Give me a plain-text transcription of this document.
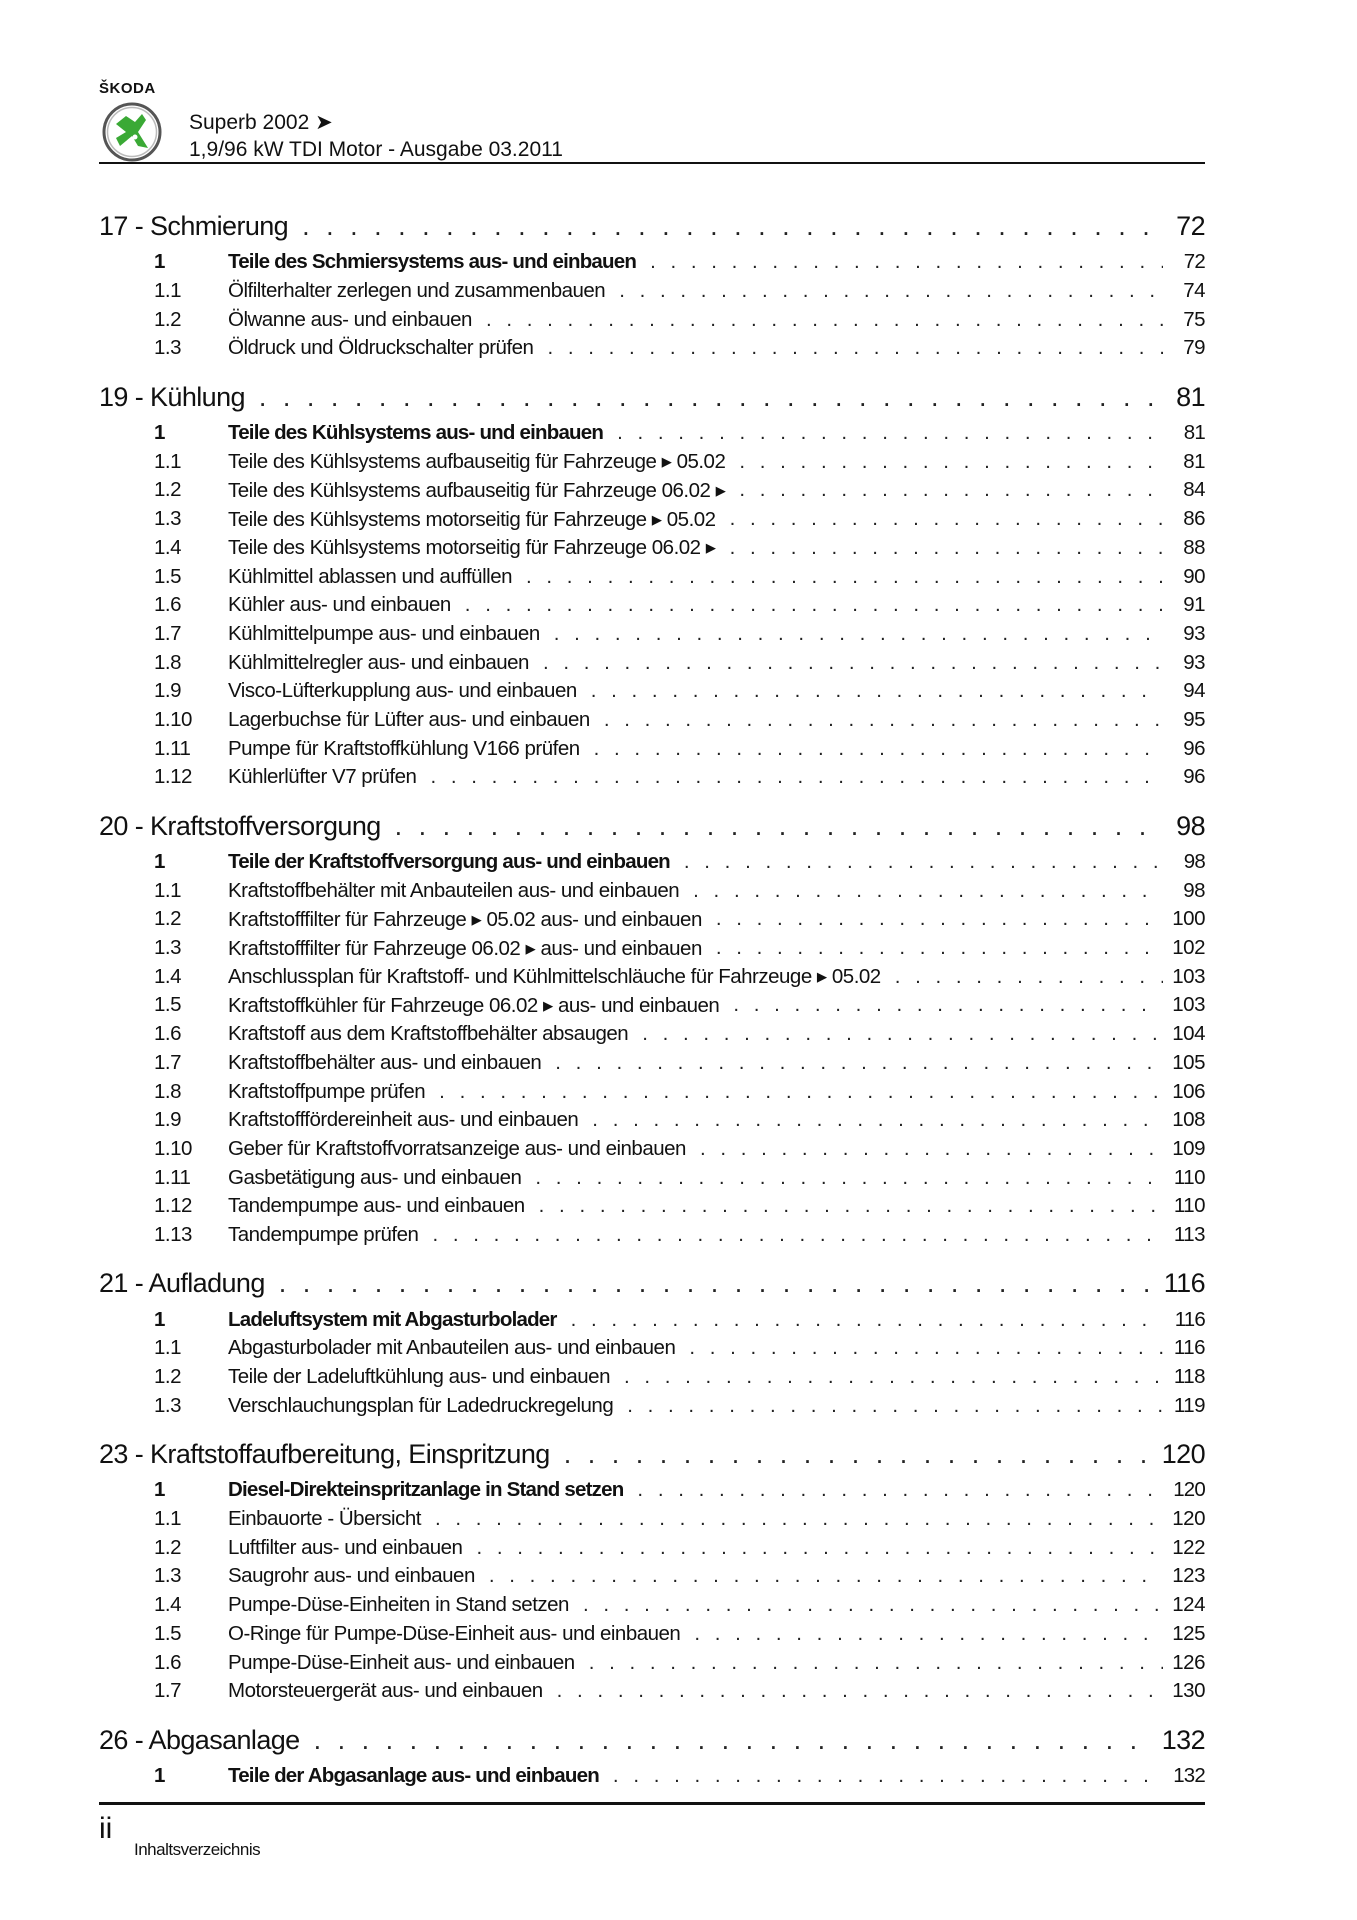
ŠKODA
Superb 2002 ➤
1,9/96 kW TDI Motor - Ausgabe 03.2011
17 - Schmierung . . .	72
1	Teile des Schmiersystems aus- und einbauen . . .	72
1.1	Ölfilterhalter zerlegen und zusammenbauen . . .	74
1.2	Ölwanne aus- und einbauen . . .	75
1.3	Öldruck und Öldruckschalter prüfen . . .	79
19 - Kühlung . . .	81
1	Teile des Kühlsystems aus- und einbauen . . .	81
1.1	Teile des Kühlsystems aufbauseitig für Fahrzeuge ▸ 05.02 . . .	81
1.2	Teile des Kühlsystems aufbauseitig für Fahrzeuge 06.02 ▸ . . .	84
1.3	Teile des Kühlsystems motorseitig für Fahrzeuge ▸ 05.02 . . .	86
1.4	Teile des Kühlsystems motorseitig für Fahrzeuge 06.02 ▸ . . .	88
1.5	Kühlmittel ablassen und auffüllen . . .	90
1.6	Kühler aus- und einbauen . . .	91
1.7	Kühlmittelpumpe aus- und einbauen . . .	93
1.8	Kühlmittelregler aus- und einbauen . . .	93
1.9	Visco-Lüfterkupplung aus- und einbauen . . .	94
1.10	Lagerbuchse für Lüfter aus- und einbauen . . .	95
1.11	Pumpe für Kraftstoffkühlung V166 prüfen . . .	96
1.12	Kühlerlüfter V7 prüfen . . .	96
20 - Kraftstoffversorgung . . .	98
1	Teile der Kraftstoffversorgung aus- und einbauen . . .	98
1.1	Kraftstoffbehälter mit Anbauteilen aus- und einbauen . . .	98
1.2	Kraftstofffilter für Fahrzeuge ▸ 05.02 aus- und einbauen . . .	100
1.3	Kraftstofffilter für Fahrzeuge 06.02 ▸ aus- und einbauen . . .	102
1.4	Anschlussplan für Kraftstoff- und Kühlmittelschläuche für Fahrzeuge ▸ 05.02 . . .	103
1.5	Kraftstoffkühler für Fahrzeuge 06.02 ▸ aus- und einbauen . . .	103
1.6	Kraftstoff aus dem Kraftstoffbehälter absaugen . . .	104
1.7	Kraftstoffbehälter aus- und einbauen . . .	105
1.8	Kraftstoffpumpe prüfen . . .	106
1.9	Kraftstofffördereinheit aus- und einbauen . . .	108
1.10	Geber für Kraftstoffvorratsanzeige aus- und einbauen . . .	109
1.11	Gasbetätigung aus- und einbauen . . .	110
1.12	Tandempumpe aus- und einbauen . . .	110
1.13	Tandempumpe prüfen . . .	113
21 - Aufladung . . .	116
1	Ladeluftsystem mit Abgasturbolader . . .	116
1.1	Abgasturbolader mit Anbauteilen aus- und einbauen . . .	116
1.2	Teile der Ladeluftkühlung aus- und einbauen . . .	118
1.3	Verschlauchungsplan für Ladedruckregelung . . .	119
23 - Kraftstoffaufbereitung, Einspritzung . . .	120
1	Diesel-Direkteinspritzanlage in Stand setzen . . .	120
1.1	Einbauorte - Übersicht . . .	120
1.2	Luftfilter aus- und einbauen . . .	122
1.3	Saugrohr aus- und einbauen . . .	123
1.4	Pumpe-Düse-Einheiten in Stand setzen . . .	124
1.5	O-Ringe für Pumpe-Düse-Einheit aus- und einbauen . . .	125
1.6	Pumpe-Düse-Einheit aus- und einbauen . . .	126
1.7	Motorsteuergerät aus- und einbauen . . .	130
26 - Abgasanlage . . .	132
1	Teile der Abgasanlage aus- und einbauen . . .	132
ii
Inhaltsverzeichnis
